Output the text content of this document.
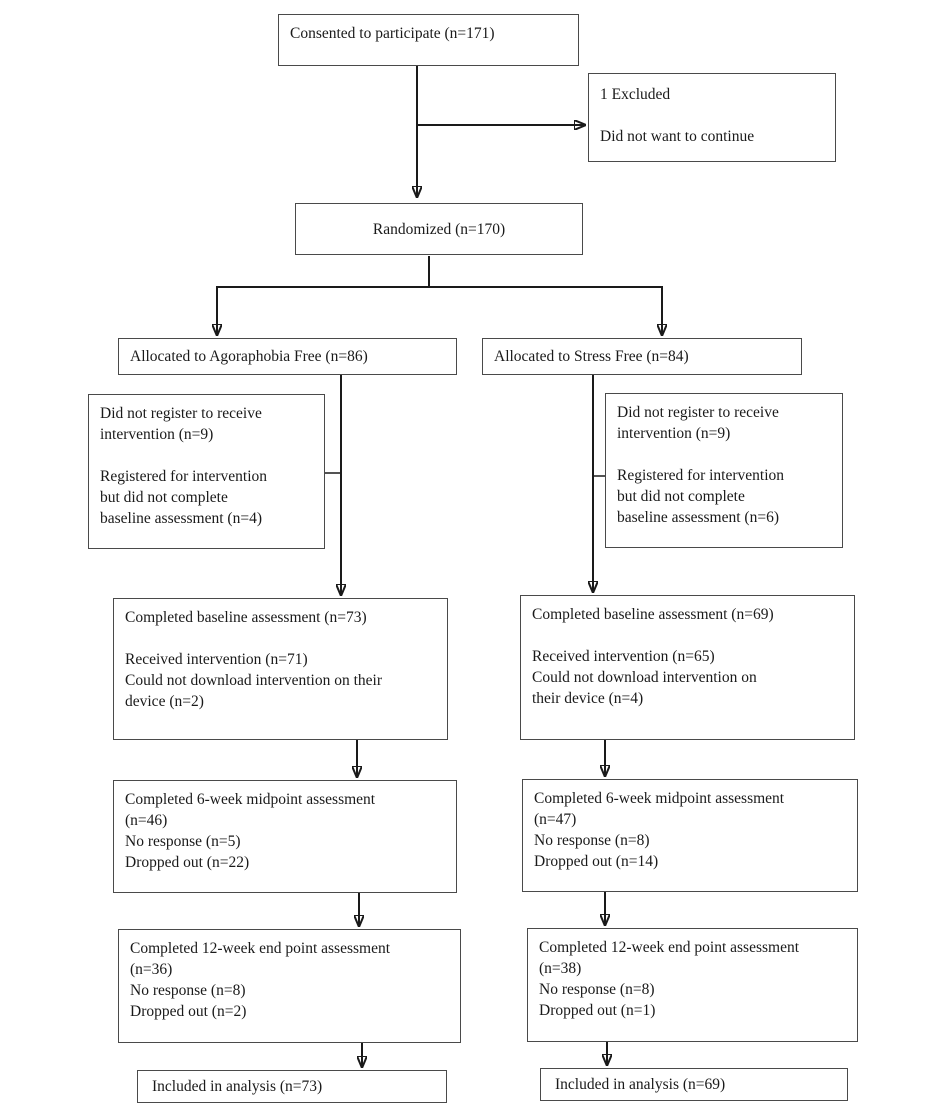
Consented to participate (n=171)
1 Excluded
Did not want to continue
Randomized (n=170)
Allocated to Agoraphobia Free (n=86)	Allocated to Stress Free (n=84)
Did not register to receive
intervention (n=9)
Registered for intervention
but did not complete
baseline assessment (n=4)
Did not register to receive
intervention (n=9)
Registered for intervention
but did not complete
baseline assessment (n=6)
Completed baseline assessment (n=73)
Received intervention (n=71)
Could not download intervention on their
device (n=2)
Completed baseline assessment (n=69)
Received intervention (n=65)
Could not download intervention on
their device (n=4)
Completed 6-week midpoint assessment
(n=46)
No response (n=5)
Dropped out (n=22)
Completed 6-week midpoint assessment
(n=47)
No response (n=8)
Dropped out (n=14)
Completed 12-week end point assessment
(n=36)
No response (n=8)
Dropped out (n=2)
Completed 12-week end point assessment
(n=38)
No response (n=8)
Dropped out (n=1)
Included in analysis (n=73)	Included in analysis (n=69)
